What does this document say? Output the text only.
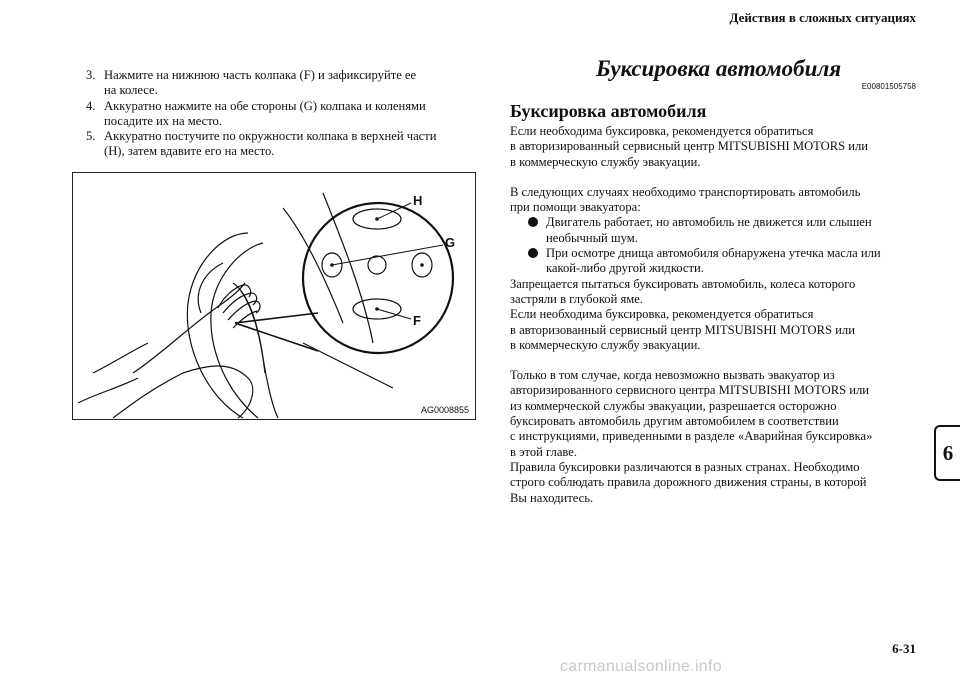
Действия в сложных ситуациях
6
3. Нажмите на нижнюю часть колпака (F) и зафиксируйте ее
на колесе.
4. Аккуратно нажмите на обе стороны (G) колпака и коленями
посадите их на место.
5. Аккуратно постучите по окружности колпака в верхней части
(H), затем вдавите его на место.
H
G
F
AG0008855
Буксировка автомобиля
E00801505758
Буксировка автомобиля

Если необходима буксировка, рекомендуется обратиться
в авторизированный сервисный центр MITSUBISHI MOTORS или
в коммерческую службу эвакуации.

В следующих случаях необходимо транспортировать автомобиль
при помощи эвакуатора:

Двигатель работает, но автомобиль не движется или слышен
необычный шум.
При осмотре днища автомобиля обнаружена утечка масла или
какой-либо другой жидкости.

Запрещается пытаться буксировать автомобиль, колеса которого
застряли в глубокой яме.
Если необходима буксировка, рекомендуется обратиться
в авторизованный сервисный центр MITSUBISHI MOTORS или
в коммерческую службу эвакуации.

Только в том случае, когда невозможно вызвать эвакуатор из
авторизированного сервисного центра MITSUBISHI MOTORS или
из коммерческой службы эвакуации, разрешается осторожно
буксировать автомобиль другим автомобилем в соответствии
с инструкциями, приведенными в разделе «Аварийная буксировка»
в этой главе.
Правила буксировки различаются в разных странах. Необходимо
строго соблюдать правила дорожного движения страны, в которой
Вы находитесь.

6-31
carmanualsonline.info
